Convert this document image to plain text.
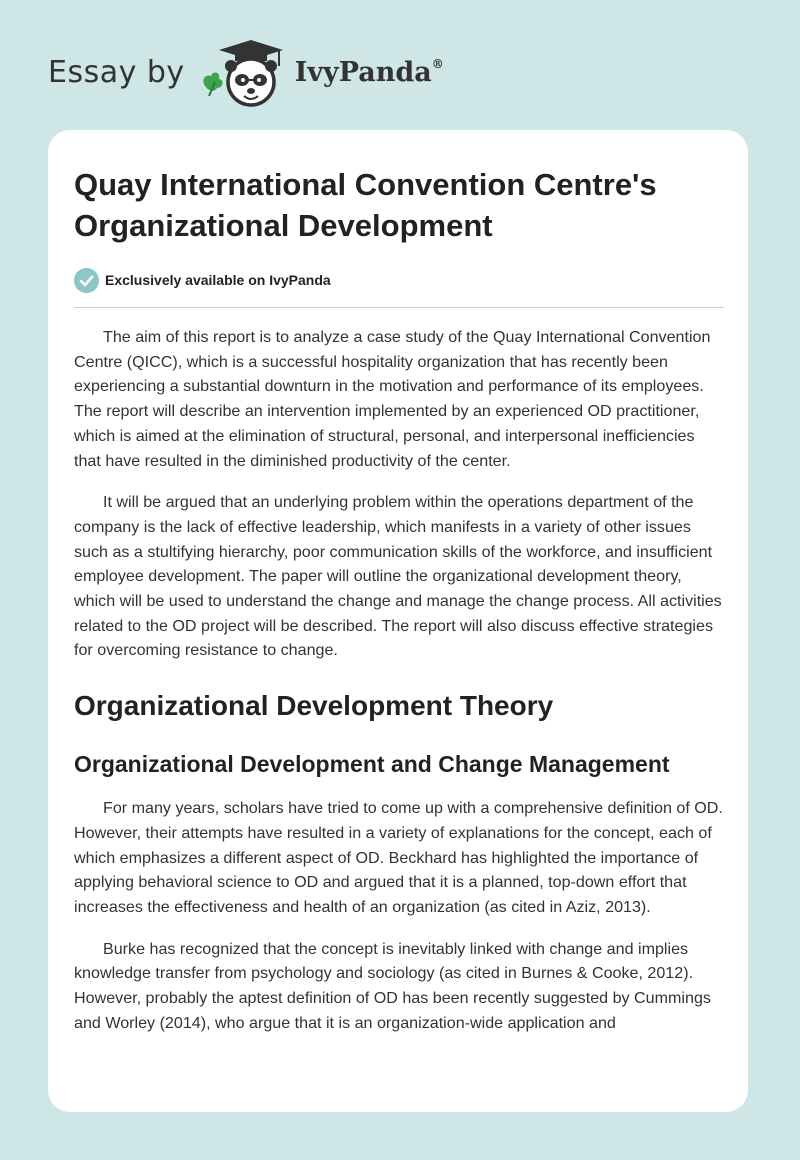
Essay by	IvyPanda®
Quay International Convention Centre's Organizational Development
Exclusively available on IvyPanda

The aim of this report is to analyze a case study of the Quay International Convention Centre (QICC), which is a successful hospitality organization that has recently been experiencing a substantial downturn in the motivation and performance of its employees. The report will describe an intervention implemented by an experienced OD practitioner, which is aimed at the elimination of structural, personal, and interpersonal inefficiencies that have resulted in the diminished productivity of the center.

It will be argued that an underlying problem within the operations department of the company is the lack of effective leadership, which manifests in a variety of other issues such as a stultifying hierarchy, poor communication skills of the workforce, and insufficient employee development. The paper will outline the organizational development theory, which will be used to understand the change and manage the change process. All activities related to the OD project will be described. The report will also discuss effective strategies for overcoming resistance to change.

Organizational Development Theory
Organizational Development and Change Management

For many years, scholars have tried to come up with a comprehensive definition of OD. However, their attempts have resulted in a variety of explanations for the concept, each of which emphasizes a different aspect of OD. Beckhard has highlighted the importance of applying behavioral science to OD and argued that it is a planned, top-down effort that increases the effectiveness and health of an organization (as cited in Aziz, 2013).

Burke has recognized that the concept is inevitably linked with change and implies knowledge transfer from psychology and sociology (as cited in Burnes & Cooke, 2012). However, probably the aptest definition of OD has been recently suggested by Cummings and Worley (2014), who argue that it is an organization-wide application and
